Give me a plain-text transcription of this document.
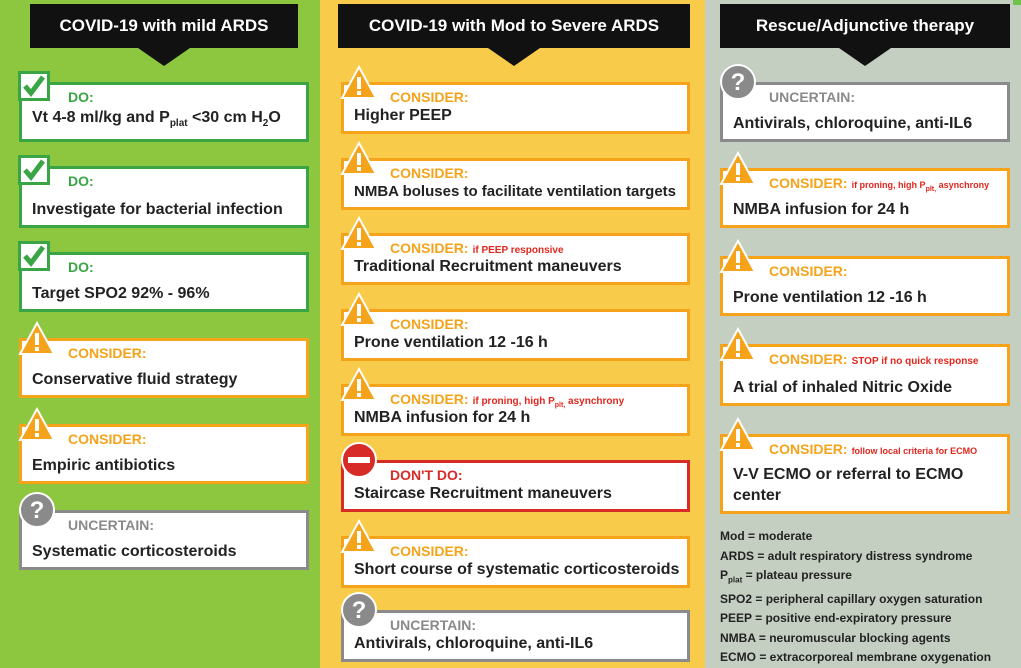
COVID-19 with mild ARDS	COVID-19 with Mod to Severe ARDS	Rescue/Adjunctive therapy
DO:
Vt 4-8 ml/kg and $P_{plat} <30$ cm $H_2O$
DO:
Investigate for bacterial infection
DO:
Target SPO2 92% - 96%
CONSIDER:
Conservative fluid strategy
CONSIDER:
Empiric antibiotics
?
UNCERTAIN:
Systematic corticosteroids
CONSIDER:
Higher PEEP
CONSIDER:
NMBA boluses to facilitate ventilation targets
CONSIDER: if PEEP responsive
Traditional Recruitment maneuvers
CONSIDER:
Prone ventilation 12 -16 h
CONSIDER: if proning, high $P_{plt,}$ asynchrony
NMBA infusion for 24 h
DON'T DO:
Staircase Recruitment maneuvers
CONSIDER:
Short course of systematic corticosteroids
?
UNCERTAIN:
Antivirals, chloroquine, anti-IL6
?
UNCERTAIN:
Antivirals, chloroquine, anti-IL6
CONSIDER: if proning, high $P_{plt,}$ asynchrony
NMBA infusion for 24 h
CONSIDER:
Prone ventilation 12 -16 h
CONSIDER: STOP if no quick response
A trial of inhaled Nitric Oxide
CONSIDER: follow local criteria for ECMO
V-V ECMO or referral to ECMO center
Mod = moderate
ARDS = adult respiratory distress syndrome
$P_{plat}$ = plateau pressure
SPO2 = peripheral capillary oxygen saturation
PEEP = positive end-expiratory pressure
NMBA = neuromuscular blocking agents
ECMO = extracorporeal membrane oxygenation
